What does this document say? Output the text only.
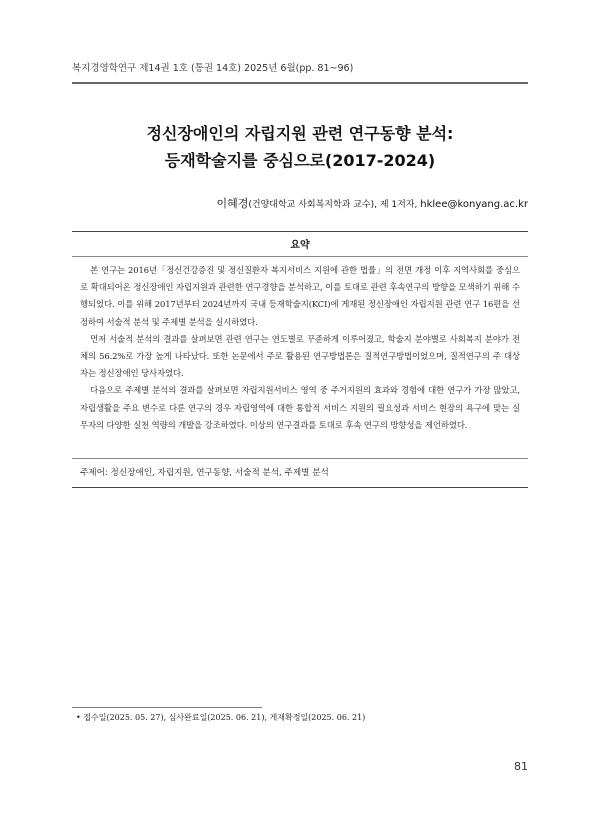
복지경영학연구 제14권 1호 (통권 14호) 2025년 6월(pp. 81~96)
정신장애인의 자립지원 관련 연구동향 분석:
등재학술지를 중심으로(2017-2024)
이혜경(건양대학교 사회복지학과 교수), 제 1저자, hklee@konyang.ac.kr
요약

본 연구는 2016년「정신건강증진 및 정신질환자 복지서비스 지원에 관한 법률」의 전면 개정 이후 지역사회를 중심으로 확대되어온 정신장애인 자립지원과 관련한 연구경향을 분석하고, 이를 토대로 관련 후속연구의 방향을 모색하기 위해 수행되었다. 이를 위해 2017년부터 2024년까지 국내 등재학술지(KCI)에 게재된 정신장애인 자립지원 관련 연구 16편을 선정하여 서술적 분석 및 주제별 분석을 실시하였다.

먼저 서술적 분석의 결과를 살펴보면 관련 연구는 연도별로 꾸준하게 이루어졌고, 학술지 분야별로 사회복지 분야가 전체의 56.2%로 가장 높게 나타났다. 또한 논문에서 주로 활용된 연구방법론은 질적연구방법이었으며, 질적연구의 주 대상자는 정신장애인 당사자였다.

다음으로 주제별 분석의 결과를 살펴보면 자립지원서비스 영역 중 주거지원의 효과와 경험에 대한 연구가 가장 많았고, 자립생활을 주요 변수로 다룬 연구의 경우 자립영역에 대한 통합적 서비스 지원의 필요성과 서비스 현장의 욕구에 맞는 실무자의 다양한 실천 역량의 개발을 강조하였다. 이상의 연구결과를 토대로 후속 연구의 방향성을 제언하였다.

주제어: 정신장애인, 자립지원, 연구동향, 서술적 분석, 주제별 분석
• 접수일(2025. 05. 27), 심사완료일(2025. 06. 21), 게재확정일(2025. 06. 21)
81
